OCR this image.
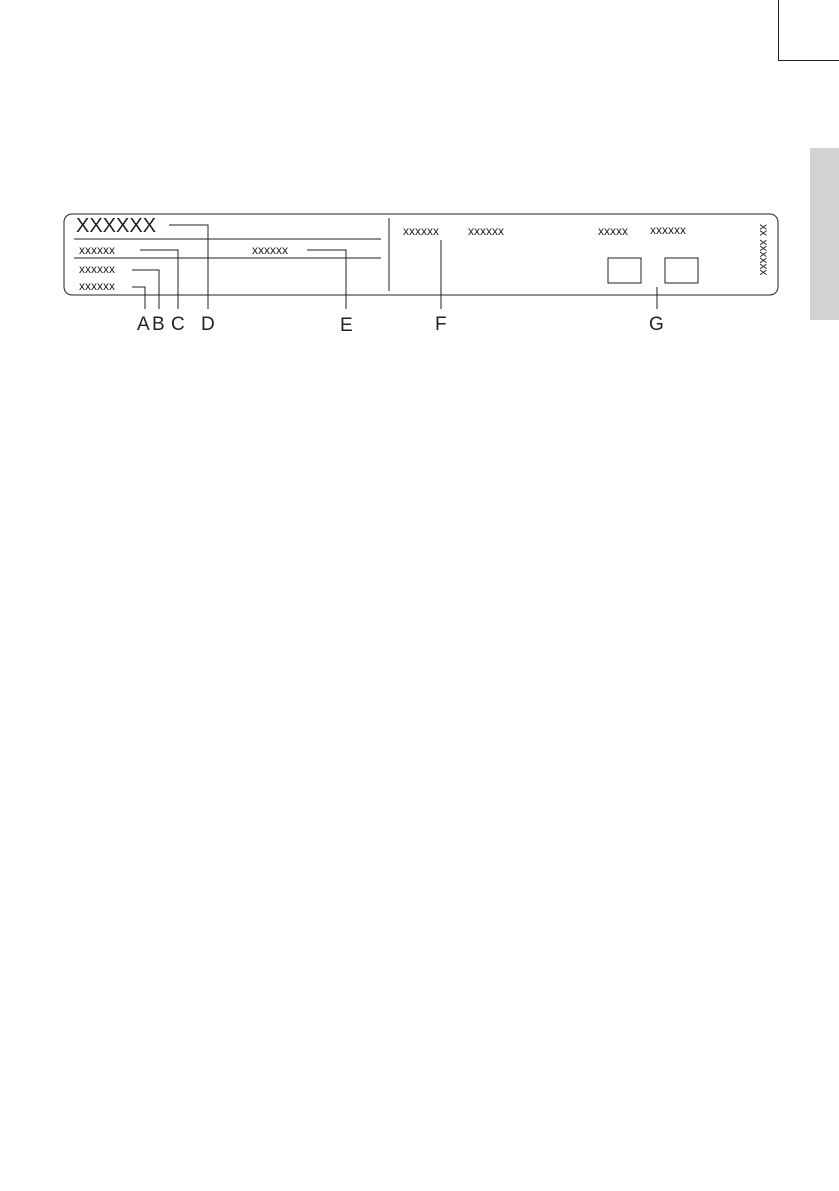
XXXXXX
xxxxxx	xxxxxx
xxxxxx
xxxxxx
xxxxxx xxxxxx	xxxxx xxxxxx	xx xxxxxx
A B C D	E	F	G
